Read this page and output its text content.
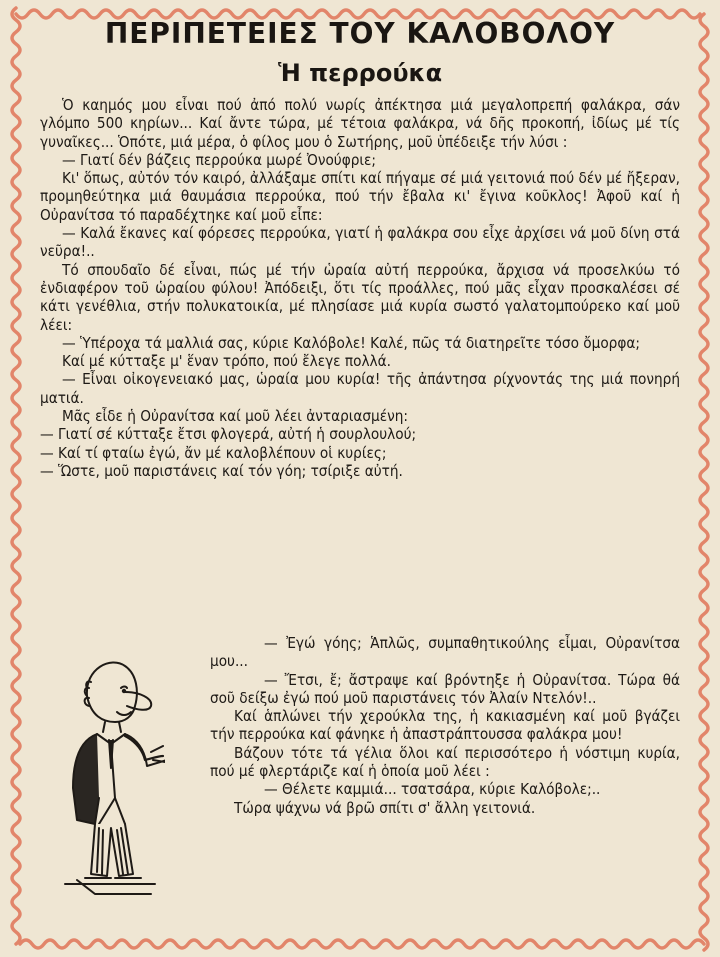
ΠΕΡΙΠΕΤΕΙΕΣ ΤΟΥ ΚΑΛΟΒΟΛΟΥ
Ἡ περρούκα

Ὁ καημός μου εἶναι πού ἀπό πολύ νωρίς ἀπέκτησα μιά μεγαλοπρεπή φαλάκρα, σάν γλόμπο 500 κηρίων... Καί ἄντε τώρα, μέ τέτοια φαλάκρα, νά δῆς προκοπή, ἰδίως μέ τίς γυναῖκες... Ὁπότε, μιά μέρα, ὁ φίλος μου ὁ Σωτήρης, μοῦ ὑπέδειξε τήν λύσι :

— Γιατί δέν βάζεις περρούκα μωρέ Ὀνούφριε;

Κι' ὅπως, αὐτόν τόν καιρό, ἀλλάξαμε σπίτι καί πήγαμε σέ μιά γειτονιά πού δέν μέ ἤξεραν, προμηθεύτηκα μιά θαυμάσια περρούκα, πού τήν ἔβαλα κι' ἔγινα κοῦκλος! Ἀφοῦ καί ἡ Οὐρανίτσα τό παραδέχτηκε καί μοῦ εἶπε:

— Καλά ἔκανες καί φόρεσες περρούκα, γιατί ἡ φαλάκρα σου εἶχε ἀρχίσει νά μοῦ δίνη στά νεῦρα!..

Τό σπουδαῖο δέ εἶναι, πώς μέ τήν ὡραία αὐτή περρούκα, ἄρχισα νά προσελκύω τό ἐνδιαφέρον τοῦ ὡραίου φύλου! Ἀπόδειξι, ὅτι τίς προάλλες, πού μᾶς εἶχαν προσκαλέσει σέ κάτι γενέθλια, στήν πολυκατοικία, μέ πλησίασε μιά κυρία σωστό γαλατομπούρεκο καί μοῦ λέει:

— Ὑπέροχα τά μαλλιά σας, κύριε Καλόβολε! Καλέ, πῶς τά διατηρεῖτε τόσο ὄμορφα;

Καί μέ κύτταξε μ' ἕναν τρόπο, πού ἔλεγε πολλά.

— Εἶναι οἰκογενειακό μας, ὡραία μου κυρία! τῆς ἀπάντησα ρίχνοντάς της μιά πονηρή ματιά.

Μᾶς εἶδε ἡ Οὐρανίτσα καί μοῦ λέει ἀνταριασμένη:

— Γιατί σέ κύτταξε ἔτσι φλογερά, αὐτή ἡ σουρλουλού;

— Καί τί φταίω ἐγώ, ἄν μέ καλοβλέπουν οἱ κυρίες;

— Ὥστε, μοῦ παριστάνεις καί τόν γόη; τσίριξε αὐτή.

— Ἐγώ γόης; Ἁπλῶς, συμπαθητικούλης εἶμαι, Οὐρανίτσα μου...

— Ἔτσι, ἔ; ἄστραψε καί βρόντηξε ἡ Οὐρανίτσα. Τώρα θά σοῦ δείξω ἐγώ πού μοῦ παριστάνεις τόν Ἀλαίν Ντελόν!..

Καί ἁπλώνει τήν χερούκλα της, ἡ κακιασμένη καί μοῦ βγάζει τήν περρούκα καί φάνηκε ἡ ἀπαστράπτουσσα φαλάκρα μου!

Βάζουν τότε τά γέλια ὅλοι καί περισσότερο ἡ νόστιμη κυρία, πού μέ φλερτάριζε καί ἡ ὁποία μοῦ λέει :

— Θέλετε καμμιά... τσατσάρα, κύριε Καλόβολε;..

Τώρα ψάχνω νά βρῶ σπίτι σ' ἄλλη γειτονιά.
